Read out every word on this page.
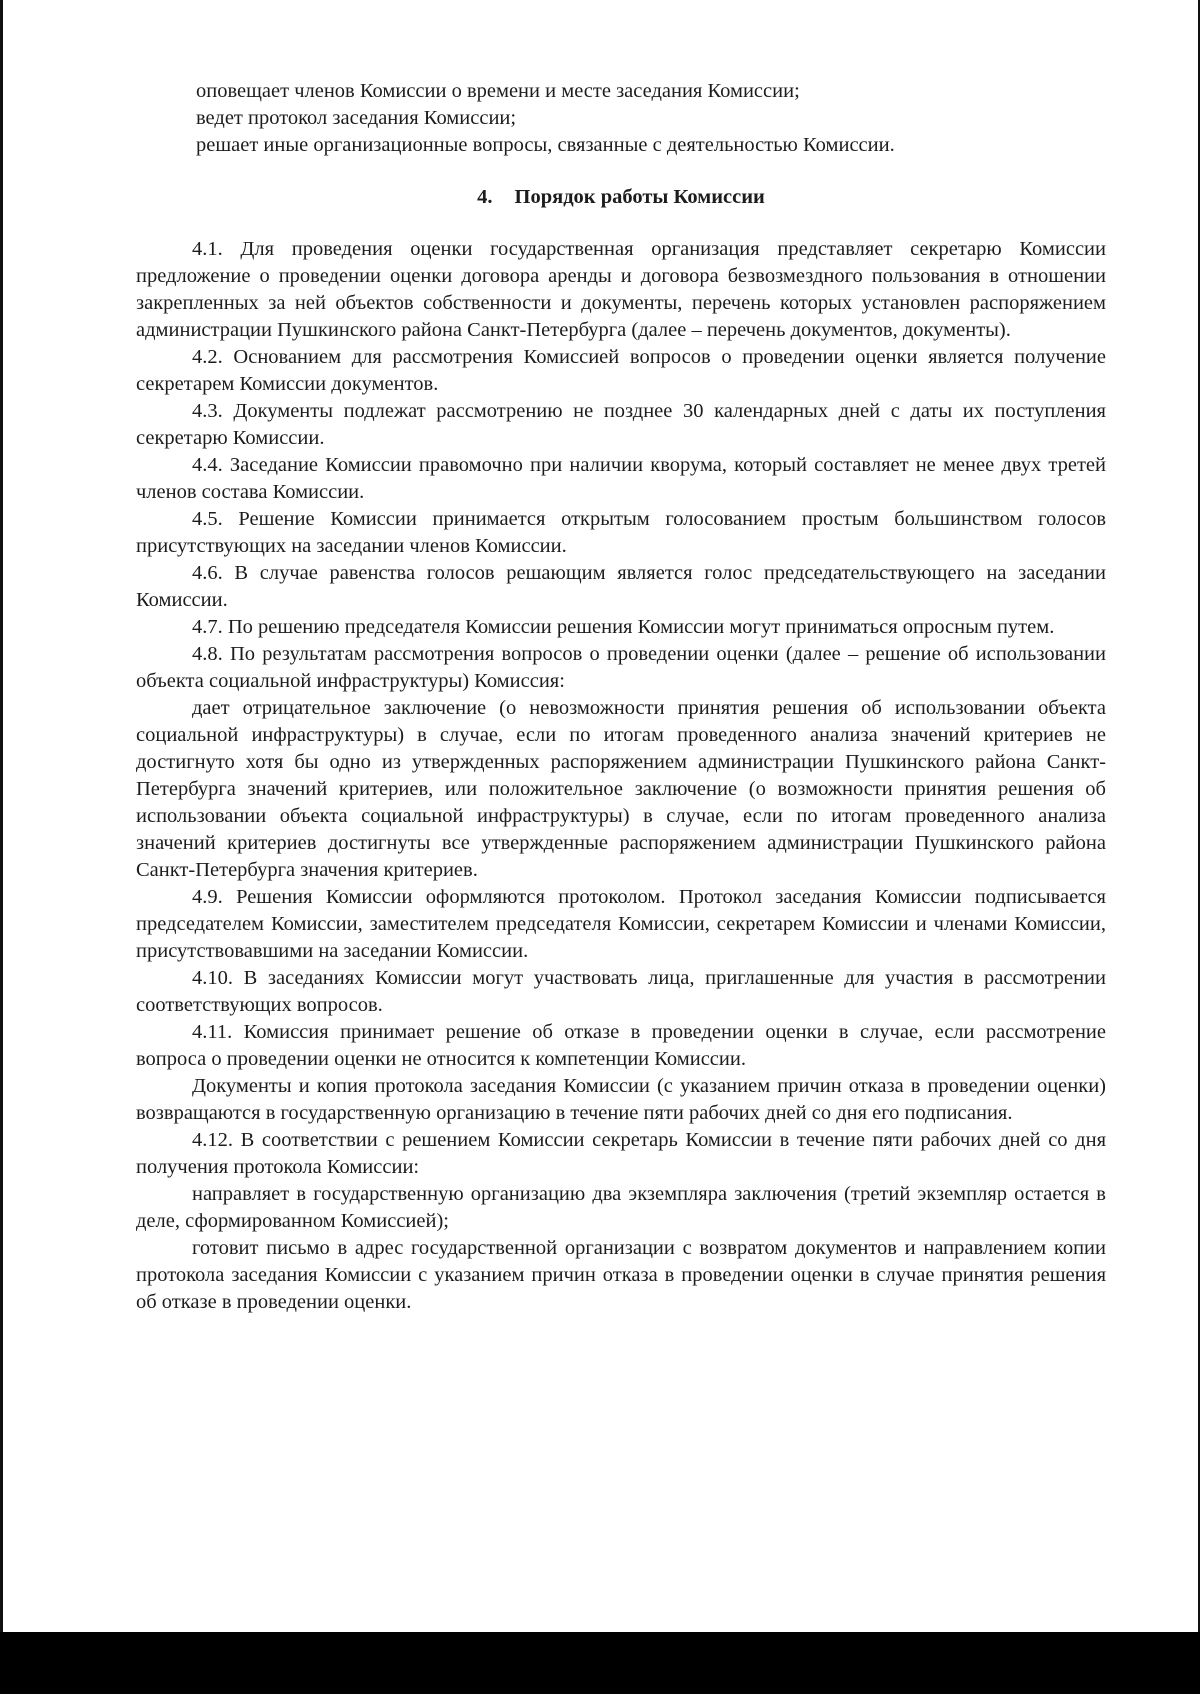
оповещает членов Комиссии о времени и месте заседания Комиссии;

ведет протокол заседания Комиссии;

решает иные организационные вопросы, связанные с деятельностью Комиссии.

4. Порядок работы Комиссии

4.1. Для проведения оценки государственная организация представляет секретарю Комиссии предложение о проведении оценки договора аренды и договора безвозмездного пользования в отношении закрепленных за ней объектов собственности и документы, перечень которых установлен распоряжением администрации Пушкинского района Санкт-Петербурга (далее – перечень документов, документы).

4.2. Основанием для рассмотрения Комиссией вопросов о проведении оценки является получение секретарем Комиссии документов.

4.3. Документы подлежат рассмотрению не позднее 30 календарных дней с даты их поступления секретарю Комиссии.

4.4. Заседание Комиссии правомочно при наличии кворума, который составляет не менее двух третей членов состава Комиссии.

4.5. Решение Комиссии принимается открытым голосованием простым большинством голосов присутствующих на заседании членов Комиссии.

4.6. В случае равенства голосов решающим является голос председательствующего на заседании Комиссии.

4.7. По решению председателя Комиссии решения Комиссии могут приниматься опросным путем.

4.8. По результатам рассмотрения вопросов о проведении оценки (далее – решение об использовании объекта социальной инфраструктуры) Комиссия:

дает отрицательное заключение (о невозможности принятия решения об использовании объекта социальной инфраструктуры) в случае, если по итогам проведенного анализа значений критериев не достигнуто хотя бы одно из утвержденных распоряжением администрации Пушкинского района Санкт-Петербурга значений критериев, или положительное заключение (о возможности принятия решения об использовании объекта социальной инфраструктуры) в случае, если по итогам проведенного анализа значений критериев достигнуты все утвержденные распоряжением администрации Пушкинского района Санкт-Петербурга значения критериев.

4.9. Решения Комиссии оформляются протоколом. Протокол заседания Комиссии подписывается председателем Комиссии, заместителем председателя Комиссии, секретарем Комиссии и членами Комиссии, присутствовавшими на заседании Комиссии.

4.10. В заседаниях Комиссии могут участвовать лица, приглашенные для участия в рассмотрении соответствующих вопросов.

4.11. Комиссия принимает решение об отказе в проведении оценки в случае, если рассмотрение вопроса о проведении оценки не относится к компетенции Комиссии.

Документы и копия протокола заседания Комиссии (с указанием причин отказа в проведении оценки) возвращаются в государственную организацию в течение пяти рабочих дней со дня его подписания.

4.12. В соответствии с решением Комиссии секретарь Комиссии в течение пяти рабочих дней со дня получения протокола Комиссии:

направляет в государственную организацию два экземпляра заключения (третий экземпляр остается в деле, сформированном Комиссией);

готовит письмо в адрес государственной организации с возвратом документов и направлением копии протокола заседания Комиссии с указанием причин отказа в проведении оценки в случае принятия решения об отказе в проведении оценки.
